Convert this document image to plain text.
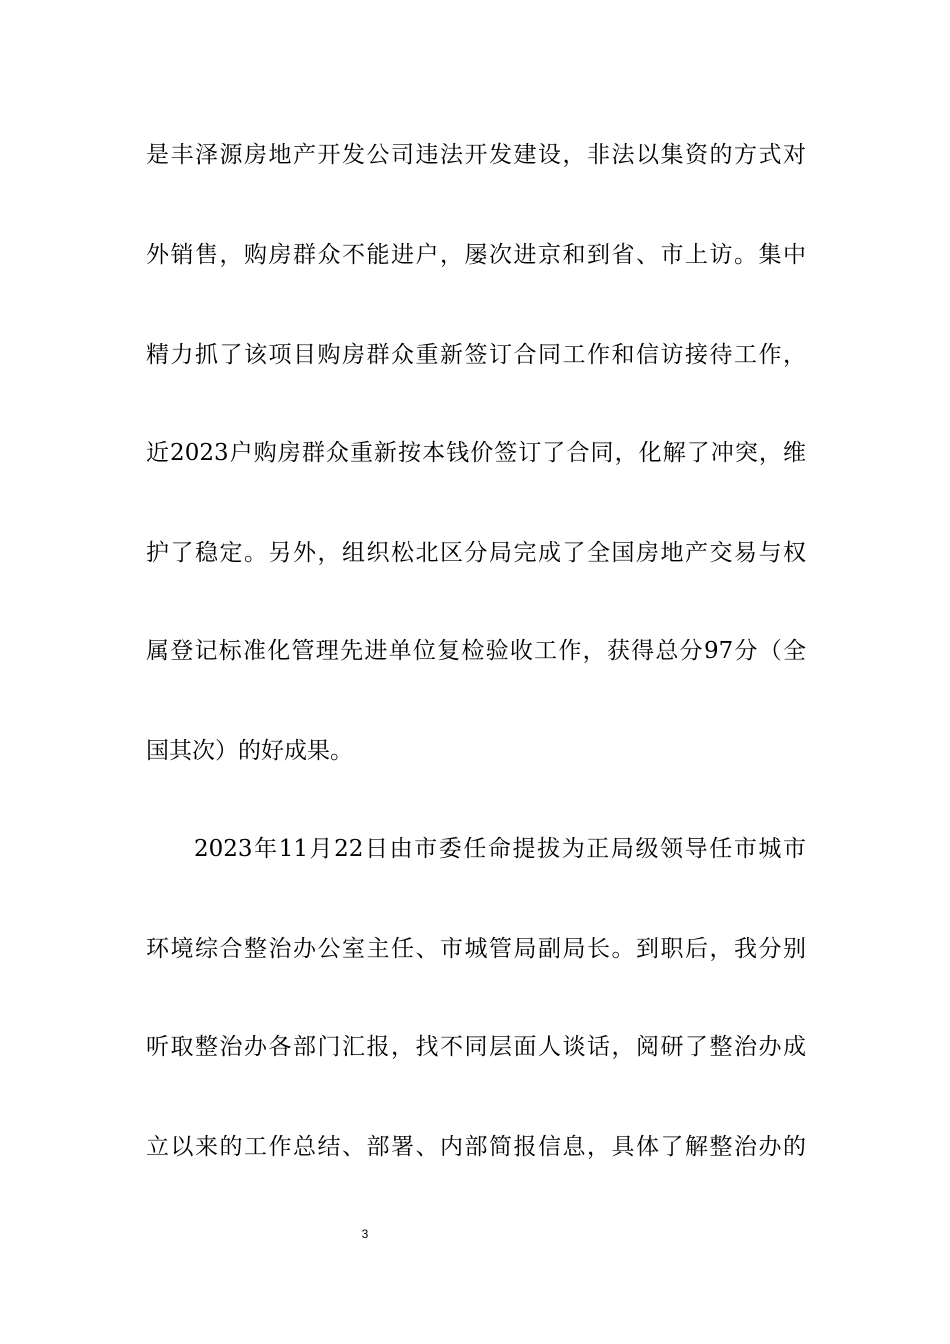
是丰泽源房地产开发公司违法开发建设，非法以集资的方式对
外销售，购房群众不能进户，屡次进京和到省、市上访。集中
精力抓了该项目购房群众重新签订合同工作和信访接待工作，
近2023户购房群众重新按本钱价签订了合同，化解了冲突，维
护了稳定。另外，组织松北区分局完成了全国房地产交易与权
属登记标准化管理先进单位复检验收工作，获得总分97分（全
国其次）的好成果。
2023年11月22日由市委任命提拔为正局级领导任市城市
环境综合整治办公室主任、市城管局副局长。到职后，我分别
听取整治办各部门汇报，找不同层面人谈话，阅研了整治办成
立以来的工作总结、部署、内部简报信息，具体了解整治办的
3
